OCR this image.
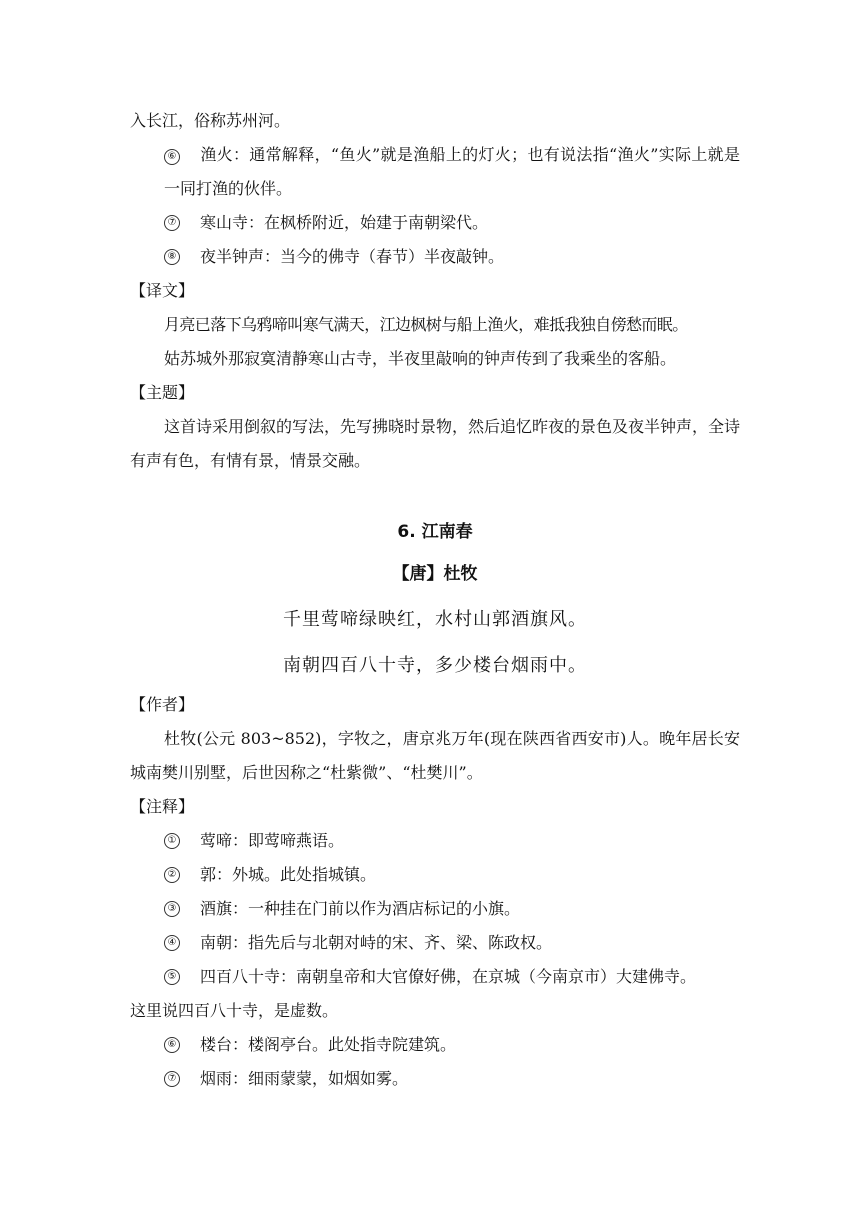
入长江，俗称苏州河。

⑥ 渔火：通常解释，“鱼火”就是渔船上的灯火；也有说法指“渔火”实际上就是一同打渔的伙伴。

⑦ 寒山寺：在枫桥附近，始建于南朝梁代。
⑧ 夜半钟声：当今的佛寺（春节）半夜敲钟。

【译文】

月亮已落下乌鸦啼叫寒气满天，江边枫树与船上渔火，难抵我独自傍愁而眠。

姑苏城外那寂寞清静寒山古寺，半夜里敲响的钟声传到了我乘坐的客船。

【主题】

这首诗采用倒叙的写法，先写拂晓时景物，然后追忆昨夜的景色及夜半钟声，全诗有声有色，有情有景，情景交融。

6. 江南春

【唐】杜牧

千里莺啼绿映红，水村山郭酒旗风。

南朝四百八十寺，多少楼台烟雨中。

【作者】

杜牧(公元 803~852)，字牧之，唐京兆万年(现在陕西省西安市)人。晚年居长安城南樊川别墅，后世因称之“杜紫微”、“杜樊川”。

【注释】

① 莺啼：即莺啼燕语。
② 郭：外城。此处指城镇。
③ 酒旗：一种挂在门前以作为酒店标记的小旗。
④ 南朝：指先后与北朝对峙的宋、齐、梁、陈政权。
⑤ 四百八十寺：南朝皇帝和大官僚好佛，在京城（今南京市）大建佛寺。

这里说四百八十寺，是虚数。

⑥ 楼台：楼阁亭台。此处指寺院建筑。
⑦ 烟雨：细雨蒙蒙，如烟如雾。
